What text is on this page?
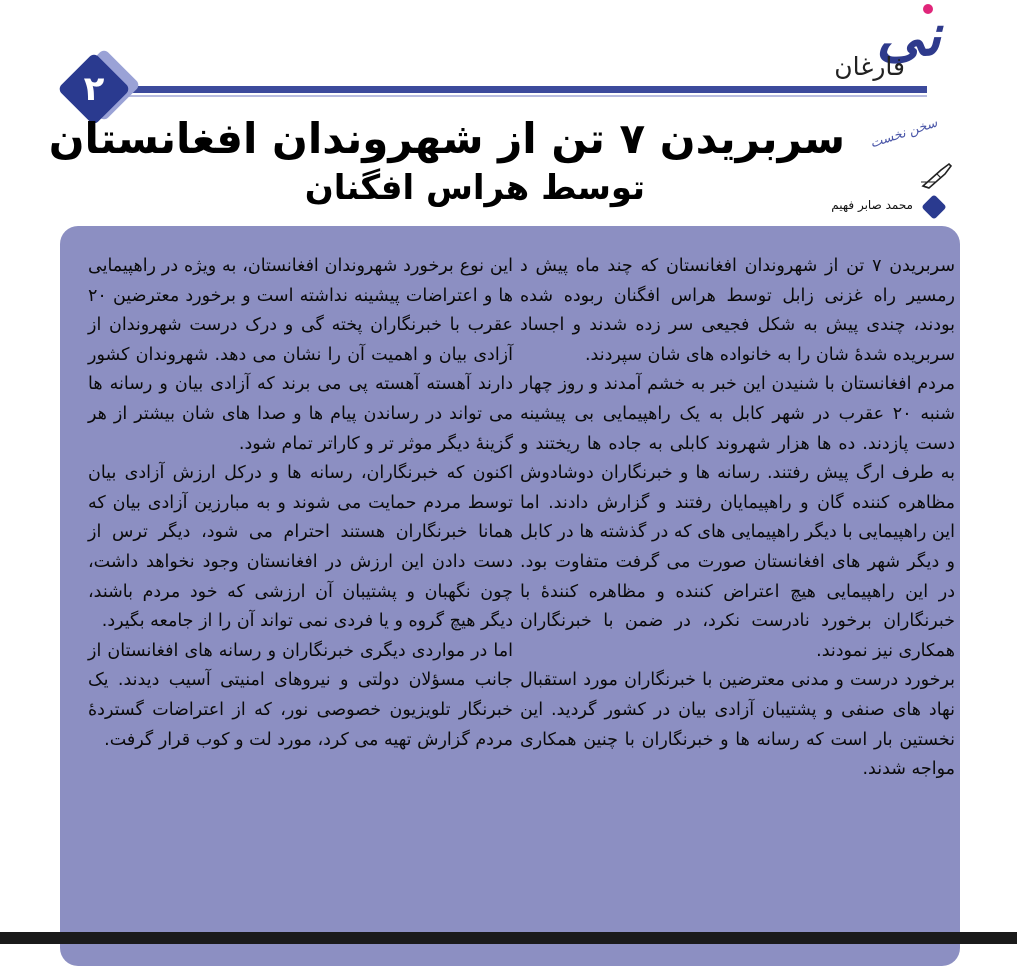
نی
فارغان
۲
سربریدن ۷ تن از شهروندان افغانستان
توسط هراس افگنان
سخن نخست
محمد صابر فهیم

سربریدن ۷ تن از شهروندان افغانستان که چند ماه پیش د رمسیر راه غزنی زابل توسط هراس افگنان ربوده شده بودند، چندی پیش به شکل فجیعی سر زده شدند و اجساد سربریده شدهٔ شان را به خانواده های شان سپردند.

مردم افغانستان با شنیدن این خبر به خشم آمدند و روز چهار شنبه ۲۰ عقرب در شهر کابل به یک راهپیمایی بی پیشینه دست پازدند. ده ها هزار شهروند کابلی به جاده ها ریختند و به طرف ارگ پیش رفتند. رسانه ها و خبرنگاران دوشادوش مظاهره کننده گان و راهپیمایان رفتند و گزارش دادند. اما این راهپیمایی با دیگر راهپیمایی های که در گذشته ها در کابل و دیگر شهر های افغانستان صورت می گرفت متفاوت بود. در این راهپیمایی هیچ اعتراض کننده و مظاهره کنندهٔ با خبرنگاران برخورد نادرست نکرد، در ضمن با خبرنگاران همکاری نیز نمودند.

برخورد درست و مدنی معترضین با خبرنگاران مورد استقبال نهاد های صنفی و پشتیبان آزادی بیان در کشور گردید. این نخستین بار است که رسانه ها و خبرنگاران با چنین همکاری مواجه شدند.

این نوع برخورد شهروندان افغانستان، به ویژه در راهپیمایی ها و اعتراضات پیشینه نداشته است و برخورد معترضین ۲۰ عقرب با خبرنگاران پخته گی و درک درست شهروندان از آزادی بیان و اهمیت آن را نشان می دهد. شهروندان کشور دارند آهسته آهسته پی می برند که آزادی بیان و رسانه ها می تواند در رساندن پیام ها و صدا های شان بیشتر از هر گزینهٔ دیگر موثر تر و کاراتر تمام شود.

اکنون که خبرنگاران، رسانه ها و درکل ارزش آزادی بیان توسط مردم حمایت می شوند و به مبارزین آزادی بیان که همانا خبرنگاران هستند احترام می شود، دیگر ترس از دست دادن این ارزش در افغانستان وجود نخواهد داشت، چون نگهبان و پشتیبان آن ارزشی که خود مردم باشند، دیگر هیچ گروه و یا فردی نمی تواند آن را از جامعه بگیرد.

اما در مواردی دیگری خبرنگاران و رسانه های افغانستان از جانب مسؤلان دولتی و نیروهای امنیتی آسیب دیدند. یک خبرنگار تلویزیون خصوصی نور، که از اعتراضات گستردهٔ مردم گزارش تهیه می کرد، مورد لت و کوب قرار گرفت.
